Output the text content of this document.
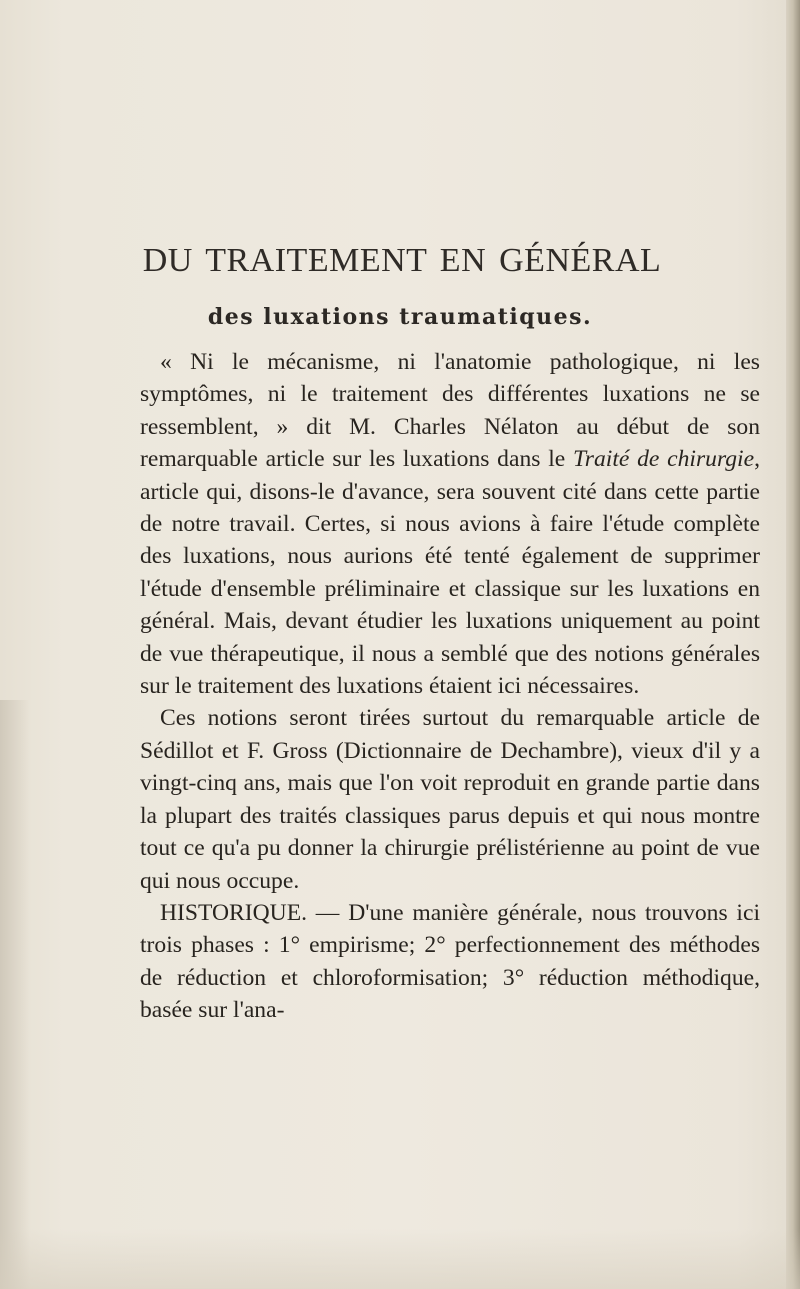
DU TRAITEMENT EN GÉNÉRAL
des luxations traumatiques.

« Ni le mécanisme, ni l'anatomie pathologique, ni les symptômes, ni le traitement des différentes luxations ne se ressemblent, » dit M. Charles Nélaton au début de son remarquable article sur les luxations dans le Traité de chirurgie, article qui, disons-le d'avance, sera souvent cité dans cette partie de notre travail. Certes, si nous avions à faire l'étude complète des luxations, nous aurions été tenté également de supprimer l'étude d'ensemble préliminaire et classique sur les luxations en général. Mais, devant étudier les luxations uniquement au point de vue thérapeutique, il nous a semblé que des notions générales sur le traitement des luxations étaient ici nécessaires.

Ces notions seront tirées surtout du remarquable article de Sédillot et F. Gross (Dictionnaire de Dechambre), vieux d'il y a vingt-cinq ans, mais que l'on voit reproduit en grande partie dans la plupart des traités classiques parus depuis et qui nous montre tout ce qu'a pu donner la chirurgie prélistérienne au point de vue qui nous occupe.

HISTORIQUE. — D'une manière générale, nous trouvons ici trois phases : 1° empirisme; 2° perfectionnement des méthodes de réduction et chloroformisation; 3° réduction méthodique, basée sur l'ana-
